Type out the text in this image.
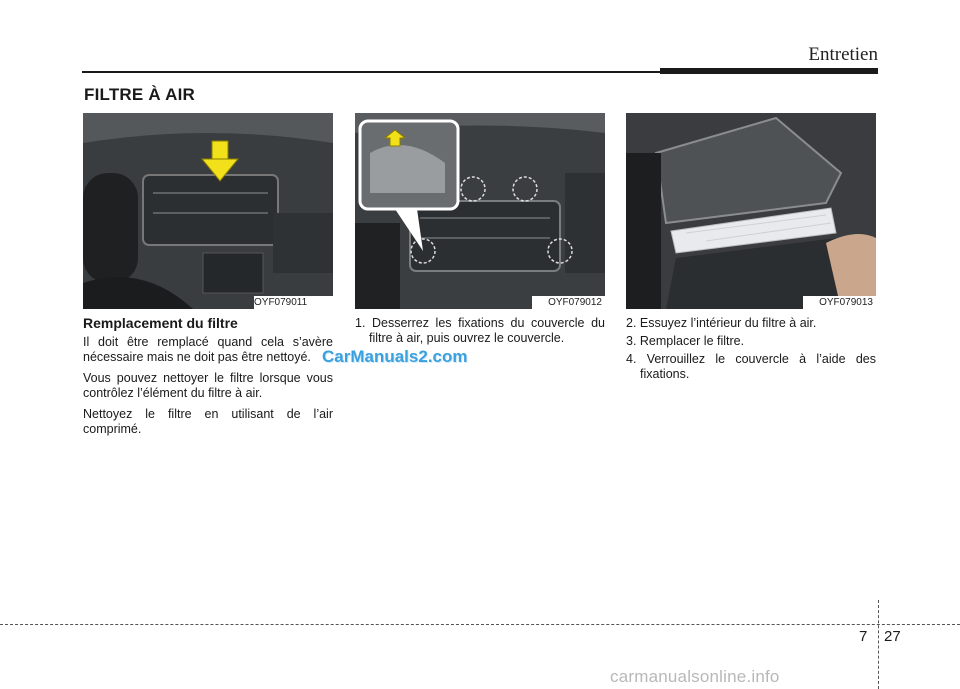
Entretien
FILTRE À AIR
OYF079011	OYF079012	OYF079013
Remplacement du filtre

Il doit être remplacé quand cela s’avère nécessaire mais ne doit pas être nettoyé.

Vous pouvez nettoyer le filtre lorsque vous contrôlez l’élément du filtre à air.

Nettoyez le filtre en utilisant de l’air comprimé.

1. Desserrez les fixations du couvercle du filtre à air, puis ouvrez le couvercle.

2. Essuyez l’intérieur du filtre à air.

3. Remplacer le filtre.

4. Verrouillez le couvercle à l’aide des fixations.

CarManuals2.com
carmanualsonline.info
7 27
